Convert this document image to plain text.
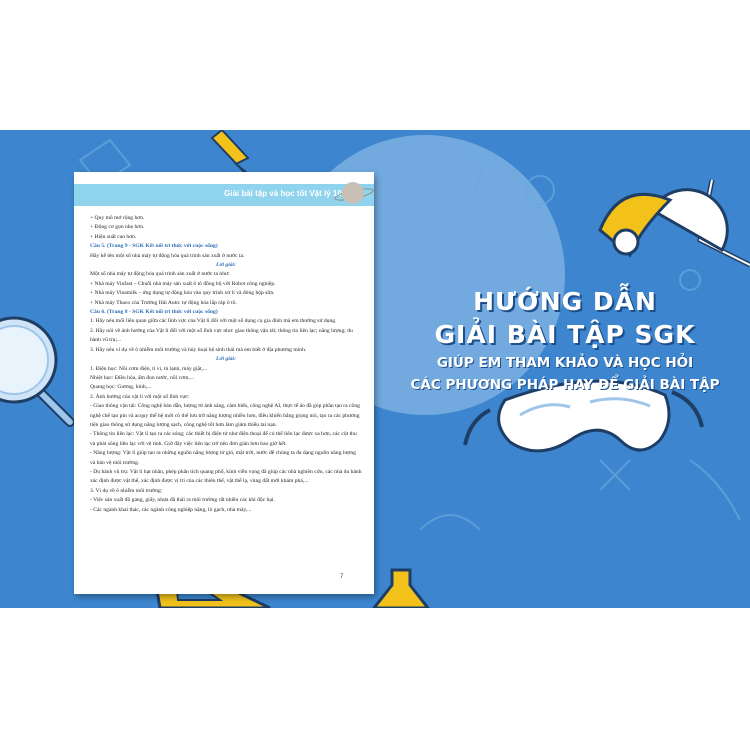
HƯỚNG DẪN
GIẢI BÀI TẬP SGK
GIÚP EM THAM KHẢO VÀ HỌC HỎI
CÁC PHƯƠNG PHÁP HAY ĐỂ GIẢI BÀI TẬP
Giải bài tập và học tốt Vật lý 10
+ Quy mô mở rộng hơn.
+ Động cơ gọn nhẹ hơn.
+ Hiệu suất cao hơn.
Câu 5. (Trang 9 - SGK Kết nối tri thức với cuộc sống)
Hãy kể tên một số nhà máy tự động hóa quá trình sản xuất ở nước ta.
Lời giải:
Một số nhà máy tự động hóa quá trình sản xuất ở nước ta như:
+ Nhà máy Vinfast – Chuỗi nhà máy sản xuất ô tô đồng bộ với Robot công nghiệp.
+ Nhà máy Vinamilk – ứng dụng tự động hóa vào quy trình xử lí và đóng hộp sữa.
+ Nhà máy Thaco của Trường Hải Auto: tự động hóa lắp ráp ô tô.
Câu 6. (Trang 8 - SGK Kết nối tri thức với cuộc sống)
1. Hãy nêu mối liên quan giữa các lĩnh vực của Vật lí đối với một số dụng cụ gia đình mà em thường sử dụng.
2. Hãy nói về ảnh hưởng của Vật lí đối với một số lĩnh vực như: giao thông vận tải; thông tin liên lạc; năng lượng; du hành vũ trụ;...
3. Hãy nêu ví dụ về ô nhiễm môi trường và hủy hoại hệ sinh thái mà em biết ở địa phương mình.
Lời giải:
1. Điện học: Nồi cơm điện, ti vi, tủ lạnh, máy giặt,...
Nhiệt học: Điều hòa, ấm đun nước, nồi cơm,...
Quang học: Gương, kính,...
2. Ảnh hưởng của vật lí với một số lĩnh vực:
- Giao thông vận tải: Công nghệ bán dẫn, lượng tử ánh sáng, cảm biến, công nghệ AI, thực tế ảo đã góp phần tạo ra công nghệ chế tạo pin và acquy thế hệ mới có thể lưu trữ năng lượng nhiều hơn, điều khiển bằng giọng nói, tạo ra các phương tiện giao thông sử dụng năng lượng sạch, công nghệ tốt hơn làm giảm thiểu tai nạn.
- Thông tin liên lạc: Vật lí tạo ra các sóng; các thiết bị điện tử như điện thoại để có thể liên lạc được xa hơn, các cột thu và phát sóng liên lạc với vệ tinh. Giờ đây việc liên lạc trở nên đơn giản hơn bao giờ hết.
- Năng lượng: Vật lí giúp tạo ra những nguồn năng lượng từ gió, mặt trời, nước để chúng ta đa dạng nguồn năng lượng và bảo vệ môi trường.
- Du hành vũ trụ: Vật lí hạt nhân, phép phân tích quang phổ, kính viễn vọng đã giúp các nhà nghiên cứu, các nhà du hành xác định được vật thể, xác định được vị trí của các thiên thể, vật thể lạ, vùng đất mới khám phá,...
3. Ví dụ về ô nhiễm môi trường:
- Việc sản xuất đồ gang, giấy, nhựa đã thải ra môi trường rất nhiều các khí độc hại.
- Các ngành khai thác, các ngành công nghiệp nặng, lò gạch, nhà máy,...
7
